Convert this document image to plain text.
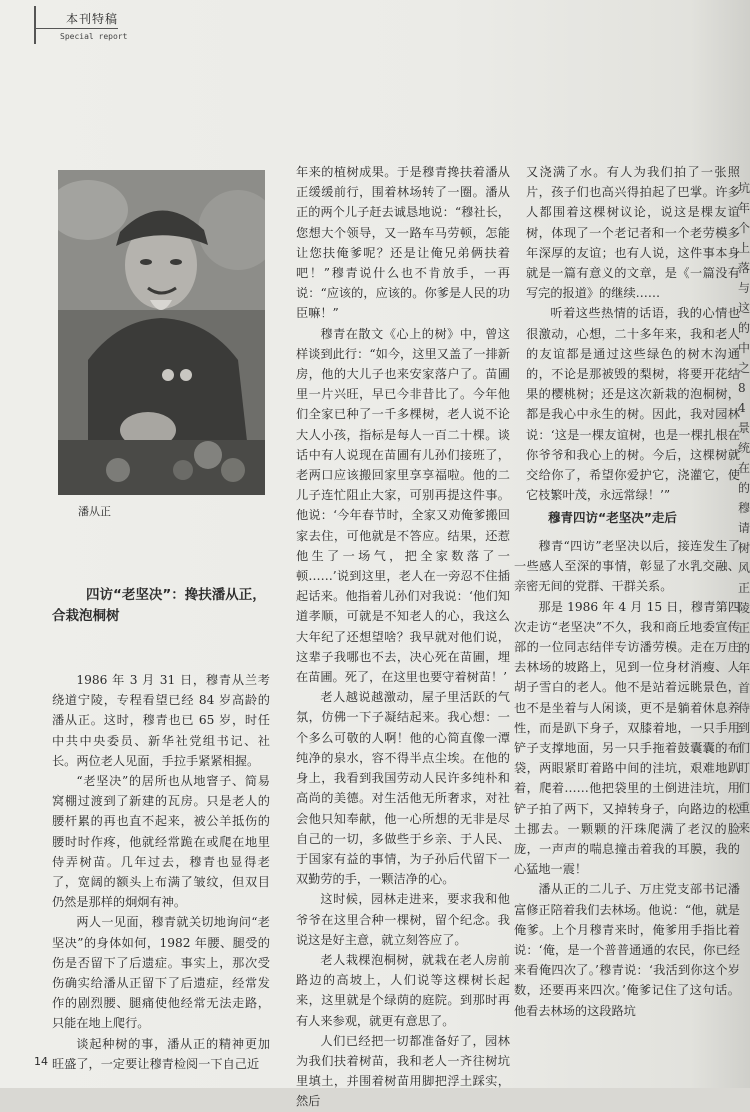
本刊特稿
Special report
潘从正
四访“老坚决”：搀扶潘从正，
合栽泡桐树

1986 年 3 月 31 日，穆青从兰考绕道宁陵，专程看望已经 84 岁高龄的潘从正。这时，穆青也已 65 岁，时任中共中央委员、新华社党组书记、社长。两位老人见面，手拉手紧紧相握。

“老坚决”的居所也从地窨子、简易窝棚过渡到了新建的瓦房。只是老人的腰杆累的再也直不起来，被公羊抵伤的腰时时作疼，他就经常跪在或爬在地里侍弄树苗。几年过去，穆青也显得老了，宽阔的额头上布满了皱纹，但双目仍然是那样的炯炯有神。

两人一见面，穆青就关切地询问“老坚决”的身体如何，1982 年腰、腿受的伤是否留下了后遗症。事实上，那次受伤确实给潘从正留下了后遗症，经常发作的剧烈腰、腿痛使他经常无法走路，只能在地上爬行。

谈起种树的事，潘从正的精神更加旺盛了，一定要让穆青检阅一下自己近

年来的植树成果。于是穆青搀扶着潘从正缓缓前行，围着林场转了一圈。潘从正的两个儿子赶去诚恳地说：“穆社长，您想大个领导，又一路车马劳顿，怎能让您扶俺爹呢？还是让俺兄弟俩扶着吧！”穆青说什么也不肯放手，一再说：“应该的，应该的。你爹是人民的功臣嘛！”

穆青在散文《心上的树》中，曾这样谈到此行：“如今，这里又盖了一排新房，他的大儿子也来安家落户了。苗圃里一片兴旺，早已今非昔比了。今年他们全家已种了一千多棵树，老人说不论大人小孩，指标是每人一百二十棵。谈话中有人说现在苗圃有儿孙们接班了，老两口应该搬回家里享享福啦。他的二儿子连忙阻止大家，可别再提这件事。他说：‘今年春节时，全家又劝俺爹搬回家去住，可他就是不答应。结果，还惹他生了一场气，把全家数落了一顿……’说到这里，老人在一旁忍不住插起话来。他指着儿孙们对我说：‘他们知道孝顺，可就是不知老人的心，我这么大年纪了还想望啥？我早就对他们说，这辈子我哪也不去，决心死在苗圃，埋在苗圃。死了，在这里也要守着树苗！’

老人越说越激动，屋子里活跃的气氛，仿佛一下子凝结起来。我心想：一个多么可敬的人啊！他的心简直像一潭纯净的泉水，容不得半点尘埃。在他的身上，我看到我国劳动人民许多纯朴和高尚的美德。对生活他无所奢求，对社会他只知奉献，他一心所想的无非是尽自己的一切，多做些于乡亲、于人民、于国家有益的事情，为子孙后代留下一双勤劳的手，一颗洁净的心。

这时候，园林走进来，要求我和他爷爷在这里合种一棵树，留个纪念。我说这是好主意，就立刻答应了。

老人栽棵泡桐树，就栽在老人房前路边的高坡上，人们说等这棵树长起来，这里就是个绿荫的庭院。到那时再有人来参观，就更有意思了。

人们已经把一切都准备好了，园林为我们扶着树苗，我和老人一齐往树坑里填土，并围着树苗用脚把浮土踩实，然后

又浇满了水。有人为我们拍了一张照片，孩子们也高兴得拍起了巴掌。许多人都围着这棵树议论，说这是棵友谊树，体现了一个老记者和一个老劳模多年深厚的友谊；也有人说，这件事本身就是一篇有意义的文章，是《一篇没有写完的报道》的继续……

听着这些热情的话语，我的心情也很激动，心想，二十多年来，我和老人的友谊都是通过这些绿色的树木沟通的，不论是那被毁的梨树，将要开花结果的樱桃树；还是这次新栽的泡桐树，都是我心中永生的树。因此，我对园林说：‘这是一棵友谊树，也是一棵扎根在你爷爷和我心上的树。今后，这棵树就交给你了，希望你爱护它，浇灌它，使它枝繁叶茂，永远常绿！’”

穆青四访“老坚决”走后

穆青“四访”老坚决以后，接连发生了一些感人至深的事情，彰显了水乳交融、亲密无间的党群、干群关系。

那是 1986 年 4 月 15 日，穆青第四次走访“老坚决”不久，我和商丘地委宣传部的一位同志结伴专访潘劳模。走在万庄去林场的坡路上，见到一位身材消瘦、人胡子雪白的老人。他不是站着远眺景色，也不是坐着与人闲谈，更不是躺着休息养性，而是趴下身子，双膝着地，一只手用铲子支撑地面，另一只手拖着鼓囊囊的布袋，两眼紧盯着路中间的洼坑，艰难地趴着，爬着……他把袋里的土倒进洼坑，用铲子拍了两下，又掉转身子，向路边的松土挪去。一颗颗的汗珠爬满了老汉的脸庞，一声声的喘息撞击着我的耳膜，我的心猛地一震！

潘从正的二儿子、万庄党支部书记潘富修正陪着我们去林场。他说：“他，就是俺爹。上个月穆青来时，俺爹用手指比着说：‘俺，是一个普普通通的农民，你已经来看俺四次了。’穆青说：‘我活到你这个岁数，还要再来四次。’俺爹记住了这句话。他看去林场的这段路坑

坑年个上落与这的中之84景统在的穆请树风正陵正的年首侍到们盯们重来
14
